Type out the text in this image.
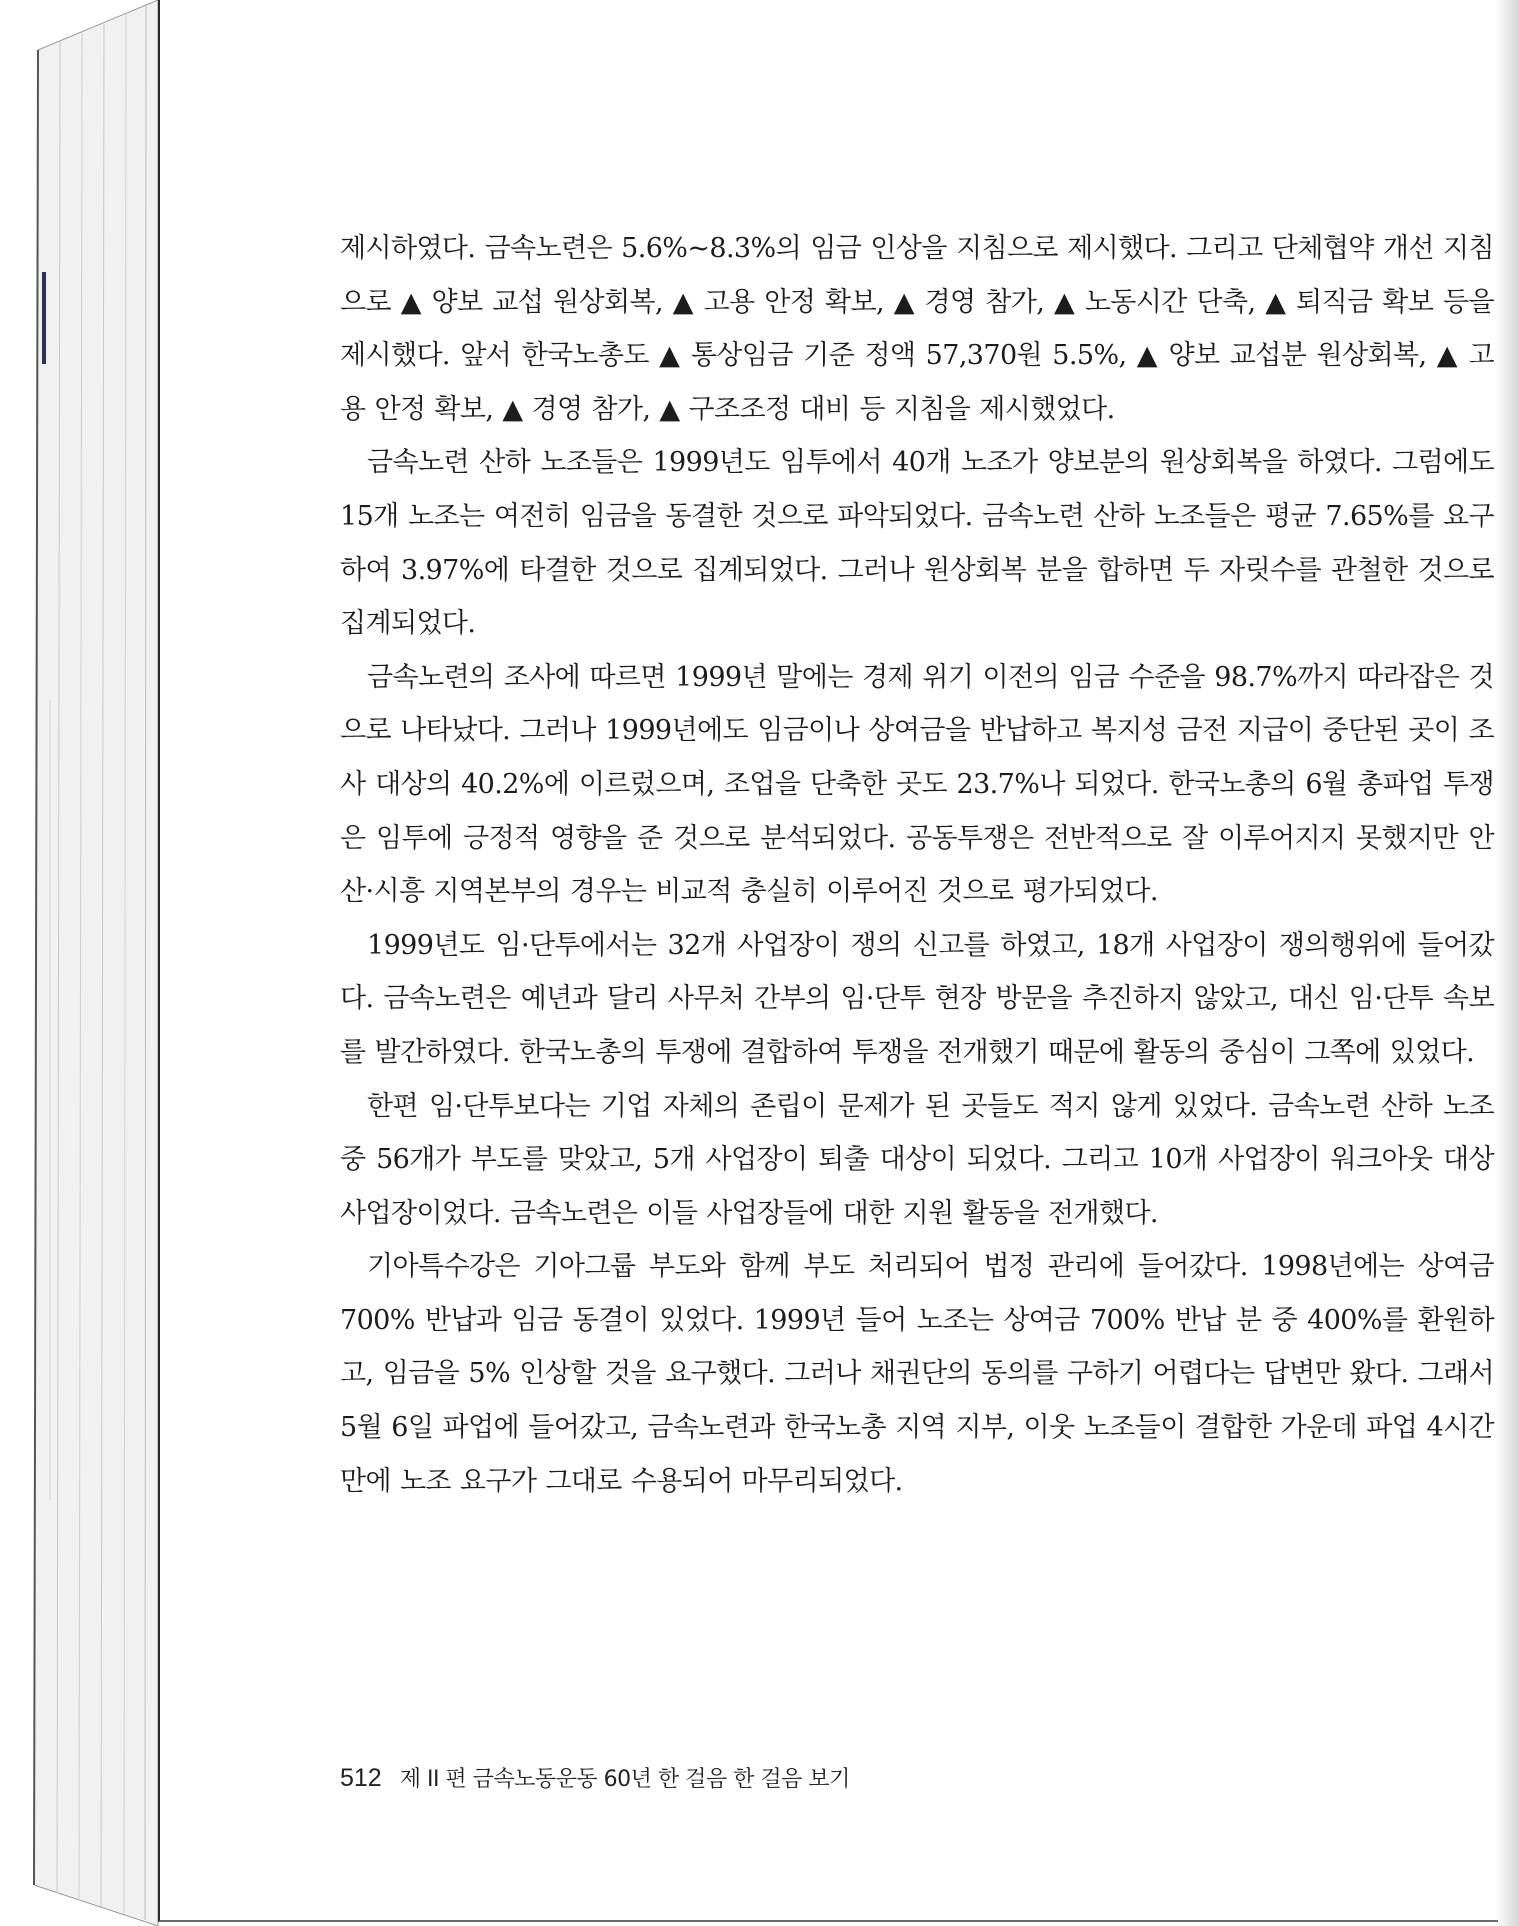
제시하였다. 금속노련은 5.6%~8.3%의 임금 인상을 지침으로 제시했다. 그리고 단체협약 개선 지침으로 ▲ 양보 교섭 원상회복, ▲ 고용 안정 확보, ▲ 경영 참가, ▲ 노동시간 단축, ▲ 퇴직금 확보 등을 제시했다. 앞서 한국노총도 ▲ 통상임금 기준 정액 57,370원 5.5%, ▲ 양보 교섭분 원상회복, ▲ 고용 안정 확보, ▲ 경영 참가, ▲ 구조조정 대비 등 지침을 제시했었다.

금속노련 산하 노조들은 1999년도 임투에서 40개 노조가 양보분의 원상회복을 하였다. 그럼에도 15개 노조는 여전히 임금을 동결한 것으로 파악되었다. 금속노련 산하 노조들은 평균 7.65%를 요구하여 3.97%에 타결한 것으로 집계되었다. 그러나 원상회복 분을 합하면 두 자릿수를 관철한 것으로 집계되었다.

금속노련의 조사에 따르면 1999년 말에는 경제 위기 이전의 임금 수준을 98.7%까지 따라잡은 것으로 나타났다. 그러나 1999년에도 임금이나 상여금을 반납하고 복지성 금전 지급이 중단된 곳이 조사 대상의 40.2%에 이르렀으며, 조업을 단축한 곳도 23.7%나 되었다. 한국노총의 6월 총파업 투쟁은 임투에 긍정적 영향을 준 것으로 분석되었다. 공동투쟁은 전반적으로 잘 이루어지지 못했지만 안산·시흥 지역본부의 경우는 비교적 충실히 이루어진 것으로 평가되었다.

1999년도 임·단투에서는 32개 사업장이 쟁의 신고를 하였고, 18개 사업장이 쟁의행위에 들어갔다. 금속노련은 예년과 달리 사무처 간부의 임·단투 현장 방문을 추진하지 않았고, 대신 임·단투 속보를 발간하였다. 한국노총의 투쟁에 결합하여 투쟁을 전개했기 때문에 활동의 중심이 그쪽에 있었다.

한편 임·단투보다는 기업 자체의 존립이 문제가 된 곳들도 적지 않게 있었다. 금속노련 산하 노조 중 56개가 부도를 맞았고, 5개 사업장이 퇴출 대상이 되었다. 그리고 10개 사업장이 워크아웃 대상 사업장이었다. 금속노련은 이들 사업장들에 대한 지원 활동을 전개했다.

기아특수강은 기아그룹 부도와 함께 부도 처리되어 법정 관리에 들어갔다. 1998년에는 상여금 700% 반납과 임금 동결이 있었다. 1999년 들어 노조는 상여금 700% 반납 분 중 400%를 환원하고, 임금을 5% 인상할 것을 요구했다. 그러나 채권단의 동의를 구하기 어렵다는 답변만 왔다. 그래서 5월 6일 파업에 들어갔고, 금속노련과 한국노총 지역 지부, 이웃 노조들이 결합한 가운데 파업 4시간 만에 노조 요구가 그대로 수용되어 마무리되었다.

512 제 II 편 금속노동운동 60년 한 걸음 한 걸음 보기
